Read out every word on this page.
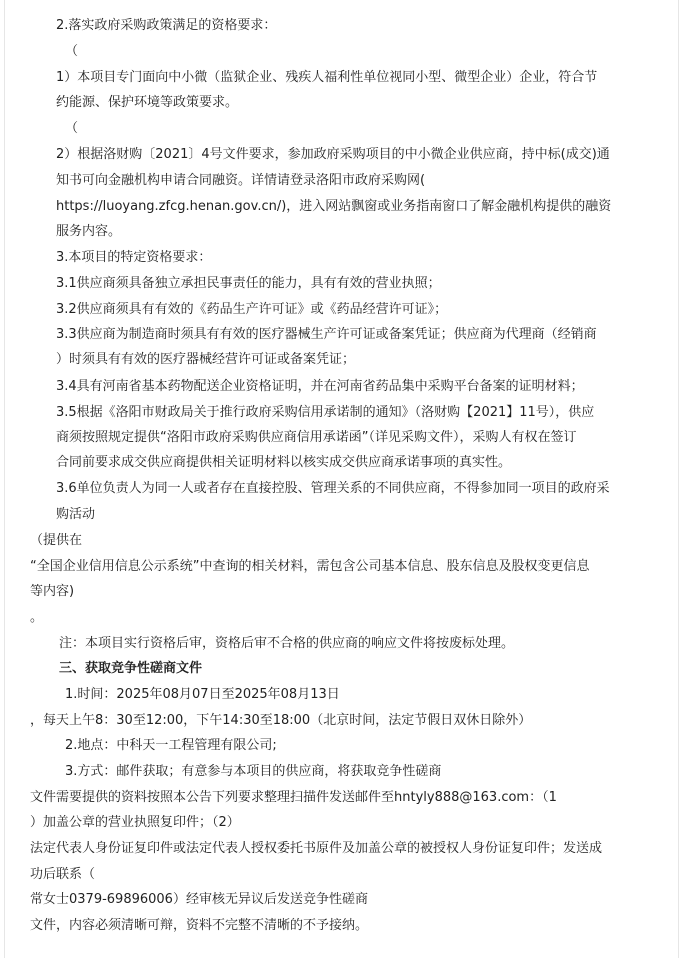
2.落实政府采购政策满足的资格要求：
（
1）本项目专门面向中小微（监狱企业、残疾人福利性单位视同小型、微型企业）企业，符合节
约能源、保护环境等政策要求。
（
2）根据洛财购〔2021〕4号文件要求，参加政府采购项目的中小微企业供应商，持中标(成交)通
知书可向金融机构申请合同融资。详情请登录洛阳市政府采购网(
https://luoyang.zfcg.henan.gov.cn/)，进入网站飘窗或业务指南窗口了解金融机构提供的融资
服务内容。
3.本项目的特定资格要求：
3.1供应商须具备独立承担民事责任的能力，具有有效的营业执照；
3.2供应商须具有有效的《药品生产许可证》或《药品经营许可证》；
3.3供应商为制造商时须具有有效的医疗器械生产许可证或备案凭证；供应商为代理商（经销商
）时须具有有效的医疗器械经营许可证或备案凭证；
3.4具有河南省基本药物配送企业资格证明，并在河南省药品集中采购平台备案的证明材料；
3.5根据《洛阳市财政局关于推行政府采购信用承诺制的通知》（洛财购【2021】11号），供应
商须按照规定提供“洛阳市政府采购供应商信用承诺函”（详见采购文件），采购人有权在签订
合同前要求成交供应商提供相关证明材料以核实成交供应商承诺事项的真实性。
3.6单位负责人为同一人或者存在直接控股、管理关系的不同供应商，不得参加同一项目的政府采
购活动
（提供在
“全国企业信用信息公示系统”中查询的相关材料，需包含公司基本信息、股东信息及股权变更信息
等内容)
。
注：本项目实行资格后审，资格后审不合格的供应商的响应文件将按废标处理。
三、获取竞争性磋商文件
1.时间：2025年08月07日至2025年08月13日
，每天上午8：30至12:00，下午14:30至18:00（北京时间，法定节假日双休日除外）
2.地点：中科天一工程管理有限公司;
3.方式：邮件获取；有意参与本项目的供应商，将获取竞争性磋商
文件需要提供的资料按照本公告下列要求整理扫描件发送邮件至hntyly888@163.com：（1
）加盖公章的营业执照复印件；（2）
法定代表人身份证复印件或法定代表人授权委托书原件及加盖公章的被授权人身份证复印件；发送成
功后联系（
常女士0379-69896006）经审核无异议后发送竞争性磋商
文件，内容必须清晰可辩，资料不完整不清晰的不予接纳。
